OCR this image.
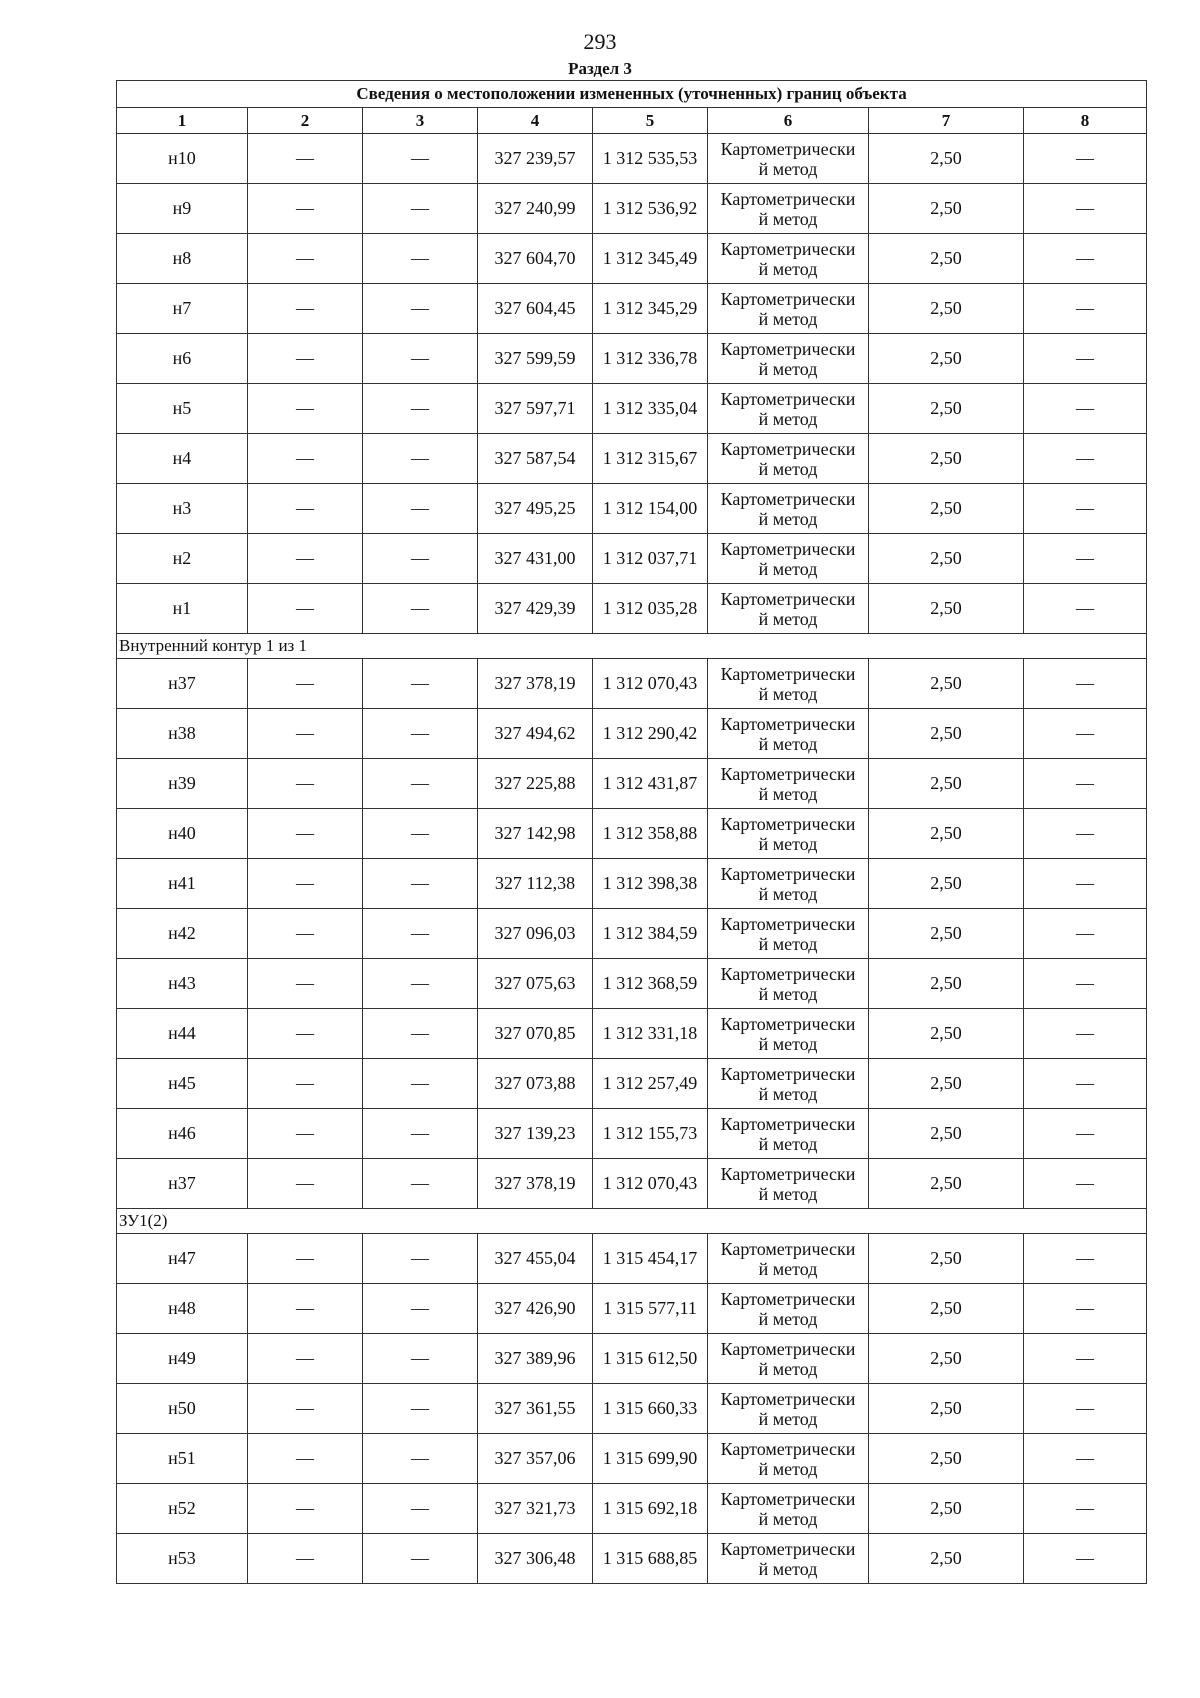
293
Раздел 3
Сведения о местоположении измененных (уточненных) границ объекта							
1	2	3	4	5	6	7	8
н10	—	—	327 239,57	1 312 535,53	Картометрически
й метод	2,50	—
н9	—	—	327 240,99	1 312 536,92	Картометрически
й метод	2,50	—
н8	—	—	327 604,70	1 312 345,49	Картометрически
й метод	2,50	—
н7	—	—	327 604,45	1 312 345,29	Картометрически
й метод	2,50	—
н6	—	—	327 599,59	1 312 336,78	Картометрически
й метод	2,50	—
н5	—	—	327 597,71	1 312 335,04	Картометрически
й метод	2,50	—
н4	—	—	327 587,54	1 312 315,67	Картометрически
й метод	2,50	—
н3	—	—	327 495,25	1 312 154,00	Картометрически
й метод	2,50	—
н2	—	—	327 431,00	1 312 037,71	Картометрически
й метод	2,50	—
н1	—	—	327 429,39	1 312 035,28	Картометрически
й метод	2,50	—
Внутренний контур 1 из 1							
н37	—	—	327 378,19	1 312 070,43	Картометрически
й метод	2,50	—
н38	—	—	327 494,62	1 312 290,42	Картометрически
й метод	2,50	—
н39	—	—	327 225,88	1 312 431,87	Картометрически
й метод	2,50	—
н40	—	—	327 142,98	1 312 358,88	Картометрически
й метод	2,50	—
н41	—	—	327 112,38	1 312 398,38	Картометрически
й метод	2,50	—
н42	—	—	327 096,03	1 312 384,59	Картометрически
й метод	2,50	—
н43	—	—	327 075,63	1 312 368,59	Картометрически
й метод	2,50	—
н44	—	—	327 070,85	1 312 331,18	Картометрически
й метод	2,50	—
н45	—	—	327 073,88	1 312 257,49	Картометрически
й метод	2,50	—
н46	—	—	327 139,23	1 312 155,73	Картометрически
й метод	2,50	—
н37	—	—	327 378,19	1 312 070,43	Картометрически
й метод	2,50	—
ЗУ1(2)							
н47	—	—	327 455,04	1 315 454,17	Картометрически
й метод	2,50	—
н48	—	—	327 426,90	1 315 577,11	Картометрически
й метод	2,50	—
н49	—	—	327 389,96	1 315 612,50	Картометрически
й метод	2,50	—
н50	—	—	327 361,55	1 315 660,33	Картометрически
й метод	2,50	—
н51	—	—	327 357,06	1 315 699,90	Картометрически
й метод	2,50	—
н52	—	—	327 321,73	1 315 692,18	Картометрически
й метод	2,50	—
н53	—	—	327 306,48	1 315 688,85	Картометрически
й метод	2,50	—
